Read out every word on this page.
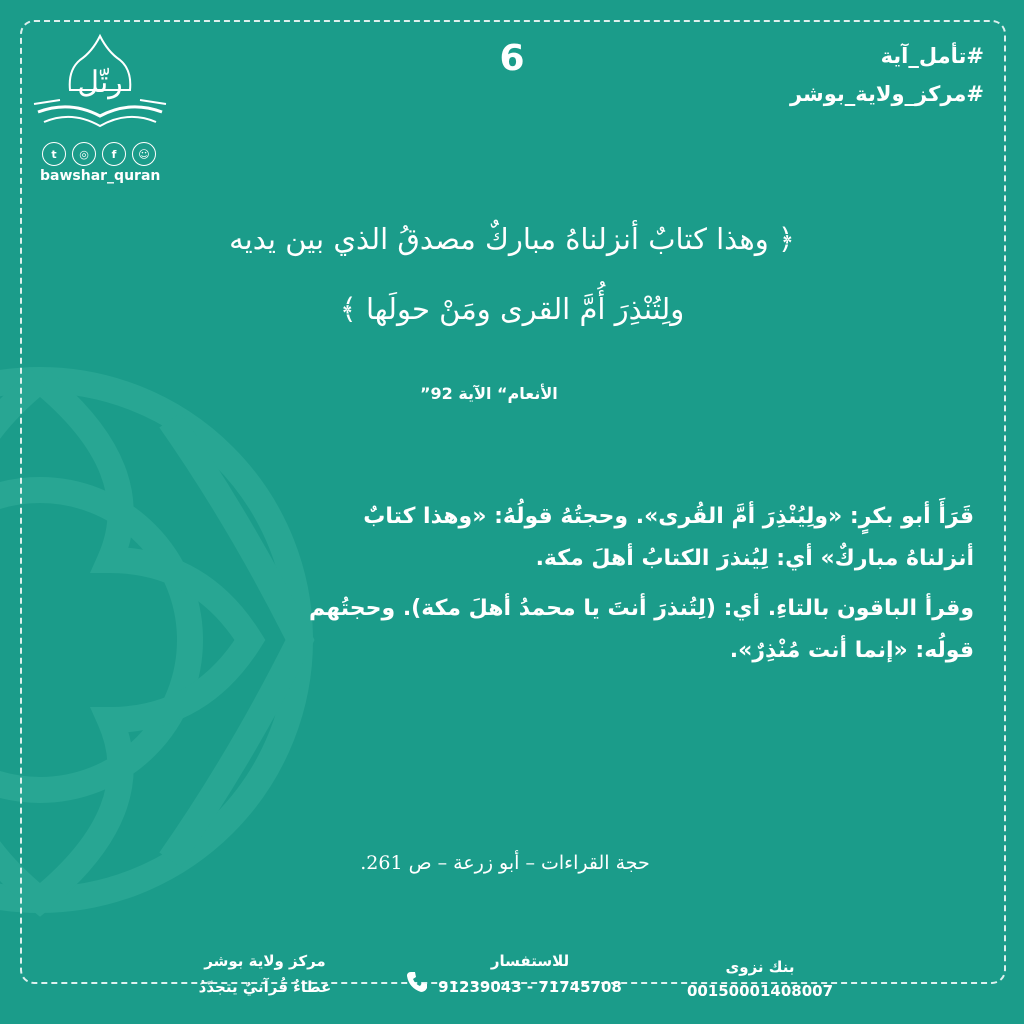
6	#تأمل_آية
#مركز_ولاية_بوشر
رتّل
t	◎	f	☺
bawshar_quran
﴿ وهذا كتابٌ أنزلناهُ مباركٌ مصدقُ الذي بين يديه
ولِتُنْذِرَ أُمَّ القرى ومَنْ حولَها ﴾
الأنعام“ الآية 92”
قَرَأَ أبو بكرٍ: «ولِيُنْذِرَ أمَّ القُرى». وحجتُهُ قولُهُ: «وهذا كتابٌ
أنزلناهُ مباركٌ» أي: لِيُنذرَ الكتابُ أهلَ مكة.
وقرأ الباقون بالتاءِ. أي: (لِتُنذرَ أنتَ يا محمدُ أهلَ مكة). وحجتُهم
قولُه: «إنما أنت مُنْذِرٌ».
حجة القراءات – أبو زرعة – ص 261.
مركز ولاية بوشر
عطاءٌ قُرآنيٌ يتجدّدُ
للاستفسار
91239043 - 71745708
بنك نزوى
00150001408007
